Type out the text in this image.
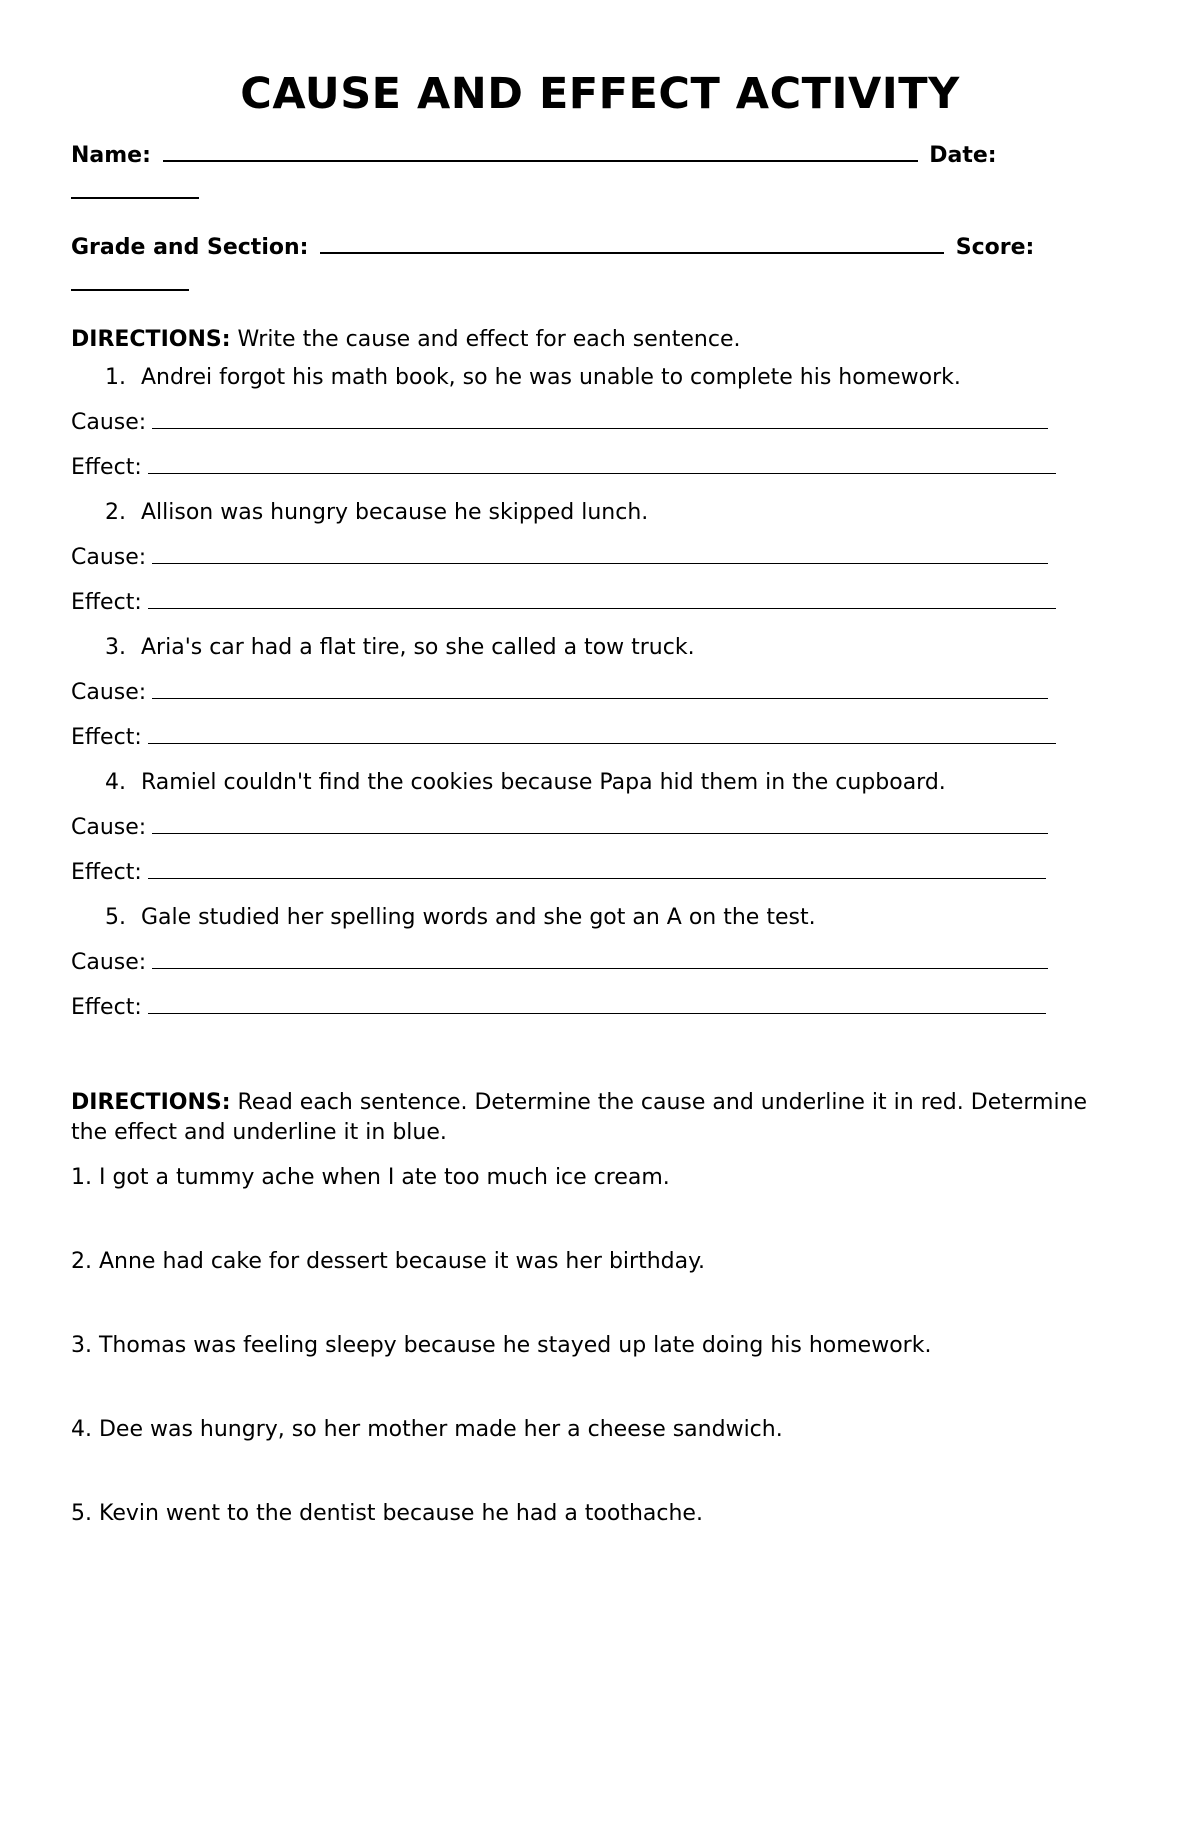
CAUSE AND EFFECT ACTIVITY

Name:	Date:

Grade and Section:	Score:

DIRECTIONS: Write the cause and effect for each sentence.

1. Andrei forgot his math book, so he was unable to complete his homework.

Cause:

Effect:

2. Allison was hungry because he skipped lunch.

Cause:

Effect:

3. Aria's car had a flat tire, so she called a tow truck.

Cause:

Effect:

4. Ramiel couldn't find the cookies because Papa hid them in the cupboard.

Cause:

Effect:

5. Gale studied her spelling words and she got an A on the test.

Cause:

Effect:

DIRECTIONS: Read each sentence. Determine the cause and underline it in red. Determine the effect and underline it in blue.

1. I got a tummy ache when I ate too much ice cream.

2. Anne had cake for dessert because it was her birthday.

3. Thomas was feeling sleepy because he stayed up late doing his homework.

4. Dee was hungry, so her mother made her a cheese sandwich.

5. Kevin went to the dentist because he had a toothache.
